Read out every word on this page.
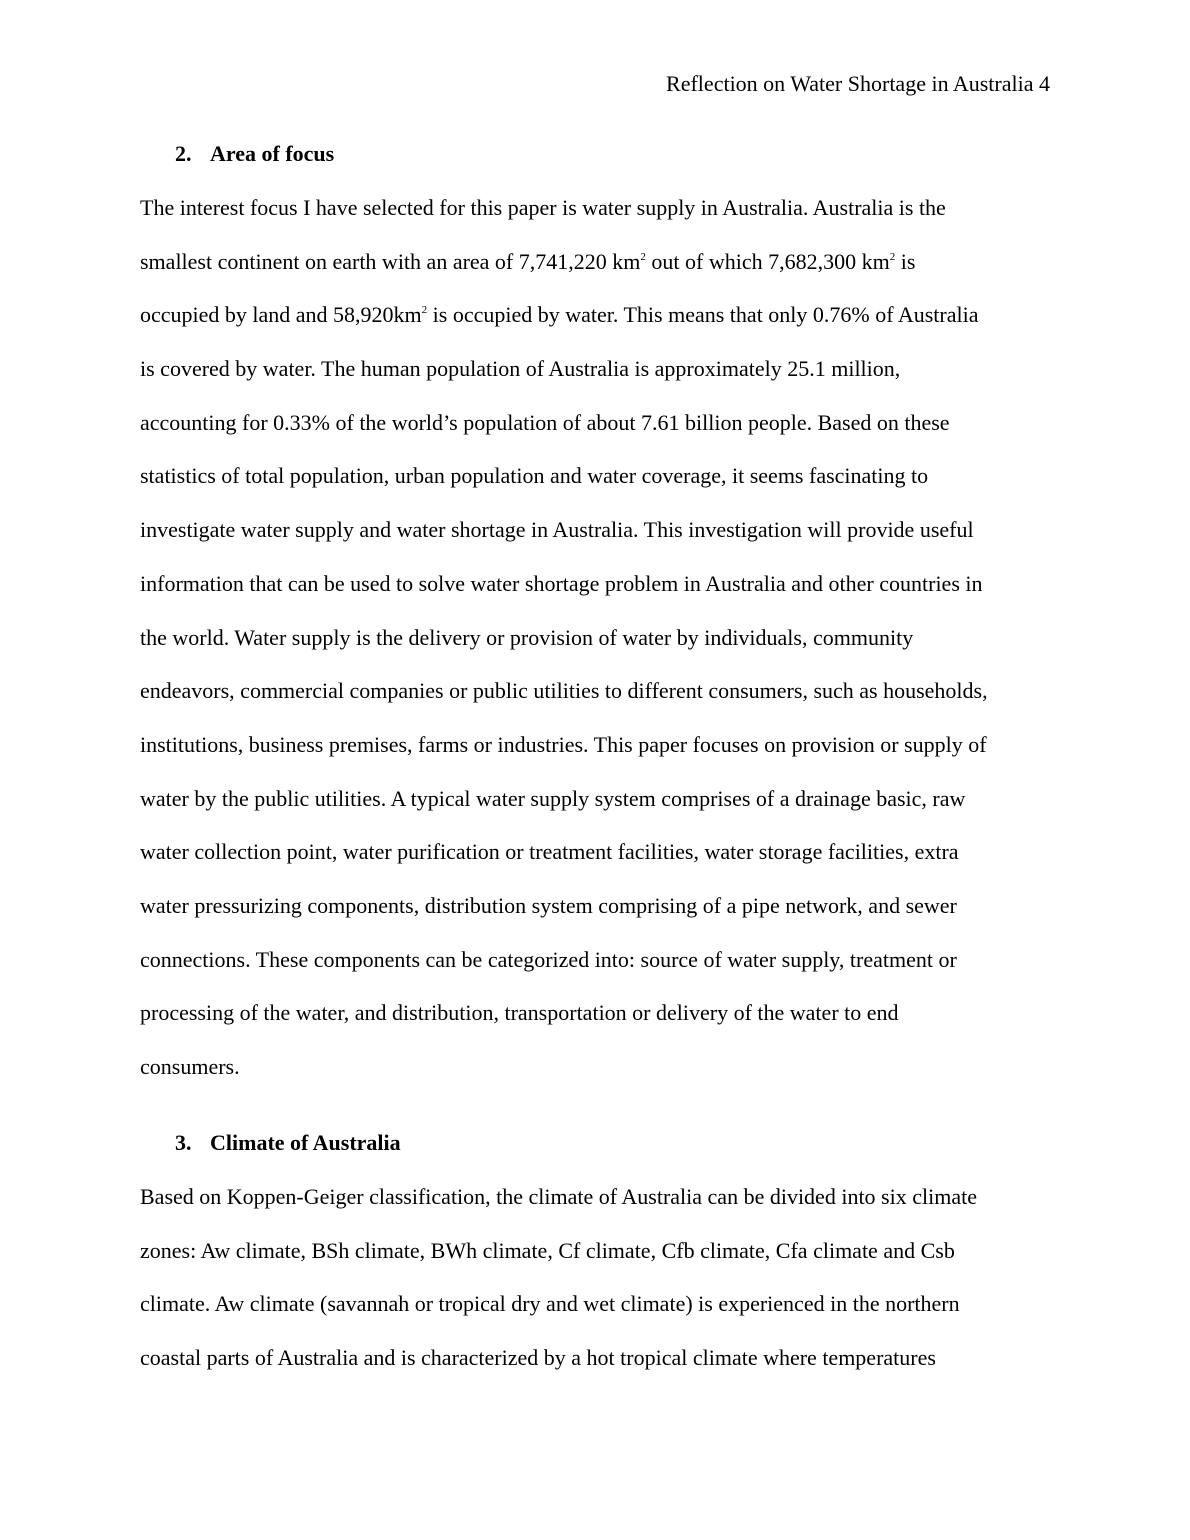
Reflection on Water Shortage in Australia 4
2. Area of focus
The interest focus I have selected for this paper is water supply in Australia. Australia is the
smallest continent on earth with an area of 7,741,220 $km^2$ out of which 7,682,300 $km^2$ is
occupied by land and $58,920km^2$ is occupied by water. This means that only 0.76% of Australia
is covered by water. The human population of Australia is approximately 25.1 million,
accounting for 0.33% of the world’s population of about 7.61 billion people. Based on these
statistics of total population, urban population and water coverage, it seems fascinating to
investigate water supply and water shortage in Australia. This investigation will provide useful
information that can be used to solve water shortage problem in Australia and other countries in
the world. Water supply is the delivery or provision of water by individuals, community
endeavors, commercial companies or public utilities to different consumers, such as households,
institutions, business premises, farms or industries. This paper focuses on provision or supply of
water by the public utilities. A typical water supply system comprises of a drainage basic, raw
water collection point, water purification or treatment facilities, water storage facilities, extra
water pressurizing components, distribution system comprising of a pipe network, and sewer
connections. These components can be categorized into: source of water supply, treatment or
processing of the water, and distribution, transportation or delivery of the water to end
consumers.
3. Climate of Australia
Based on Koppen-Geiger classification, the climate of Australia can be divided into six climate
zones: Aw climate, BSh climate, BWh climate, Cf climate, Cfb climate, Cfa climate and Csb
climate. Aw climate (savannah or tropical dry and wet climate) is experienced in the northern
coastal parts of Australia and is characterized by a hot tropical climate where temperatures
